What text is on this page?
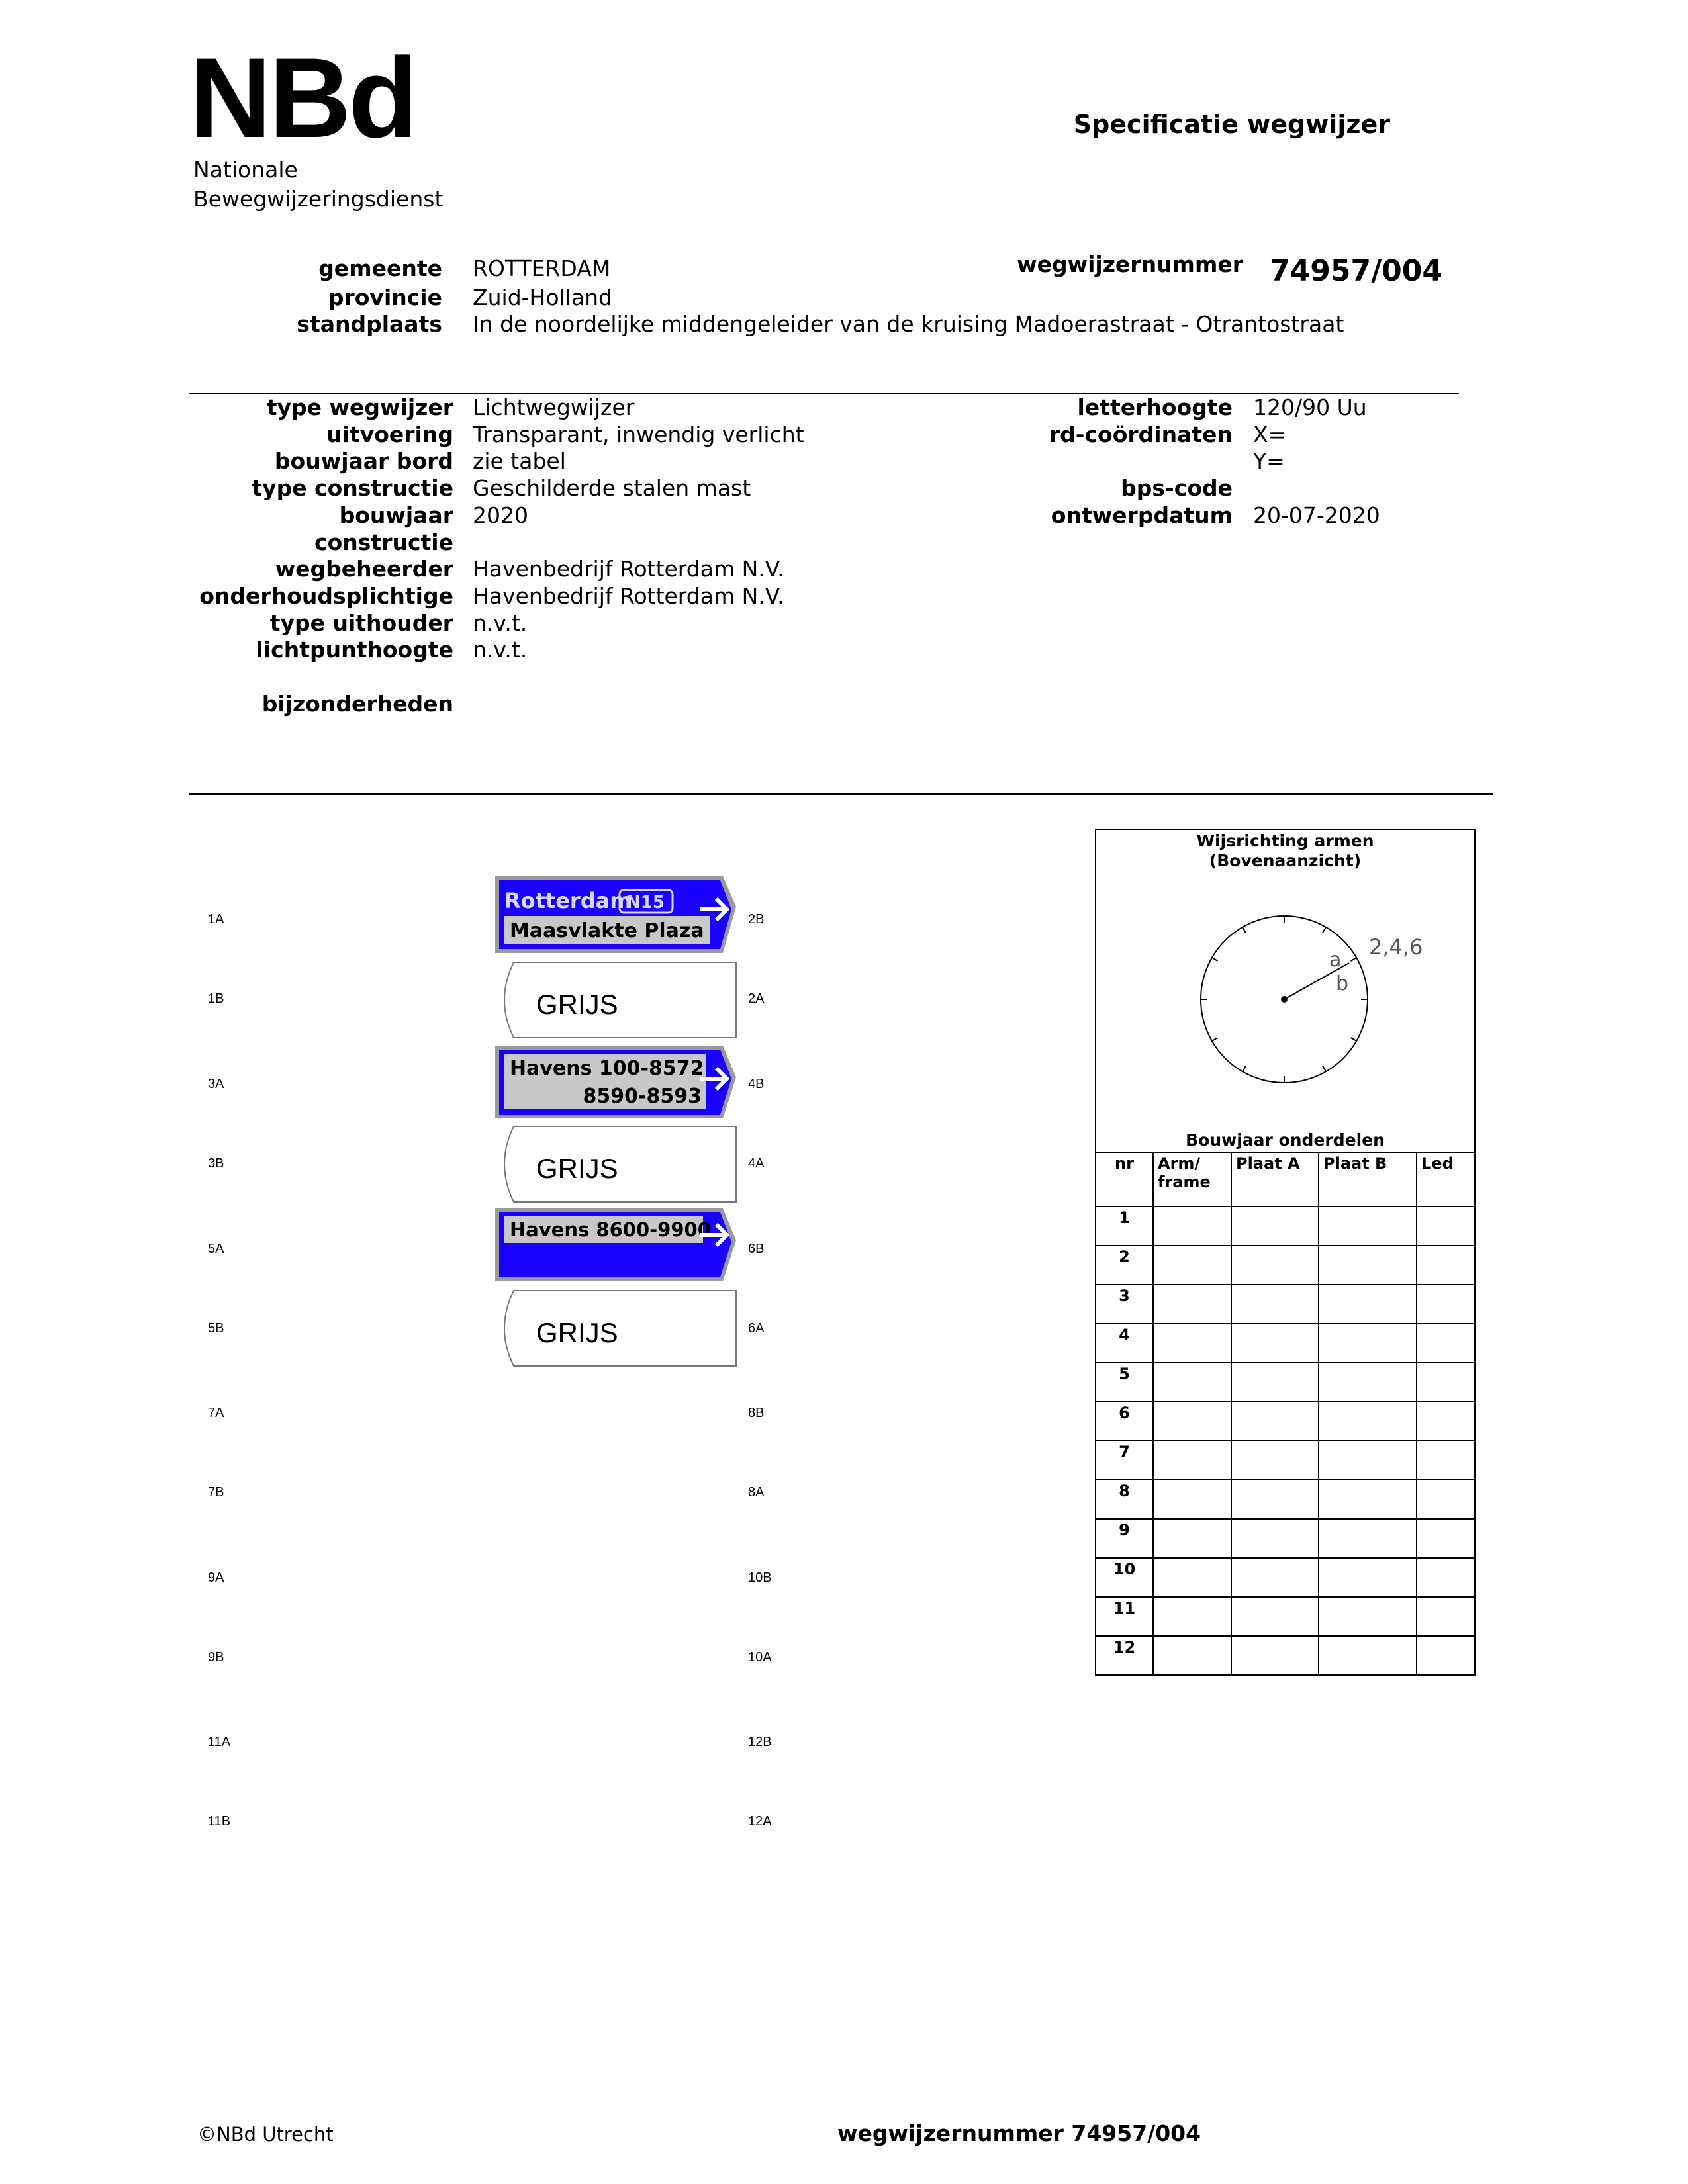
NBd
Nationale
Bewegwijzeringsdienst
Specificatie wegwijzer
gemeente ROTTERDAM
provincie Zuid-Holland
standplaats In de noordelijke middengeleider van de kruising Madoerastraat - Otrantostraat
wegwijzernummer 74957/004
type wegwijzer Lichtwegwijzer
uitvoering Transparant, inwendig verlicht
bouwjaar bord zie tabel
type constructie Geschilderde stalen mast
bouwjaar 2020
constructie
wegbeheerder Havenbedrijf Rotterdam N.V.
onderhoudsplichtige Havenbedrijf Rotterdam N.V.
type uithouder n.v.t.
lichtpunthoogte n.v.t.
bijzonderheden
letterhoogte 120/90 Uu
rd-coördinaten X=
Y=
bps-code
ontwerpdatum 20-07-2020
1A
1B
3A
3B
5A
5B
7A
7B
9A
9B
11A
11B
2B
2A
4B
4A
6B
6A
8B
8A
10B
10A
12B
12A
Rotterdam
N15
Maasvlakte Plaza
GRIJS
Havens 100-8572
8590-8593
GRIJS
Havens 8600-9900
GRIJS
Wijsrichting armen
(Bovenaanzicht)
a
b
2,4,6
Bouwjaar onderdelen
nr	Arm/ frame	Plaat A	Plaat B	Led
1				
2				
3				
4				
5				
6				
7				
8				
9				
10				
11				
12				
©NBd Utrecht	wegwijzernummer 74957/004
